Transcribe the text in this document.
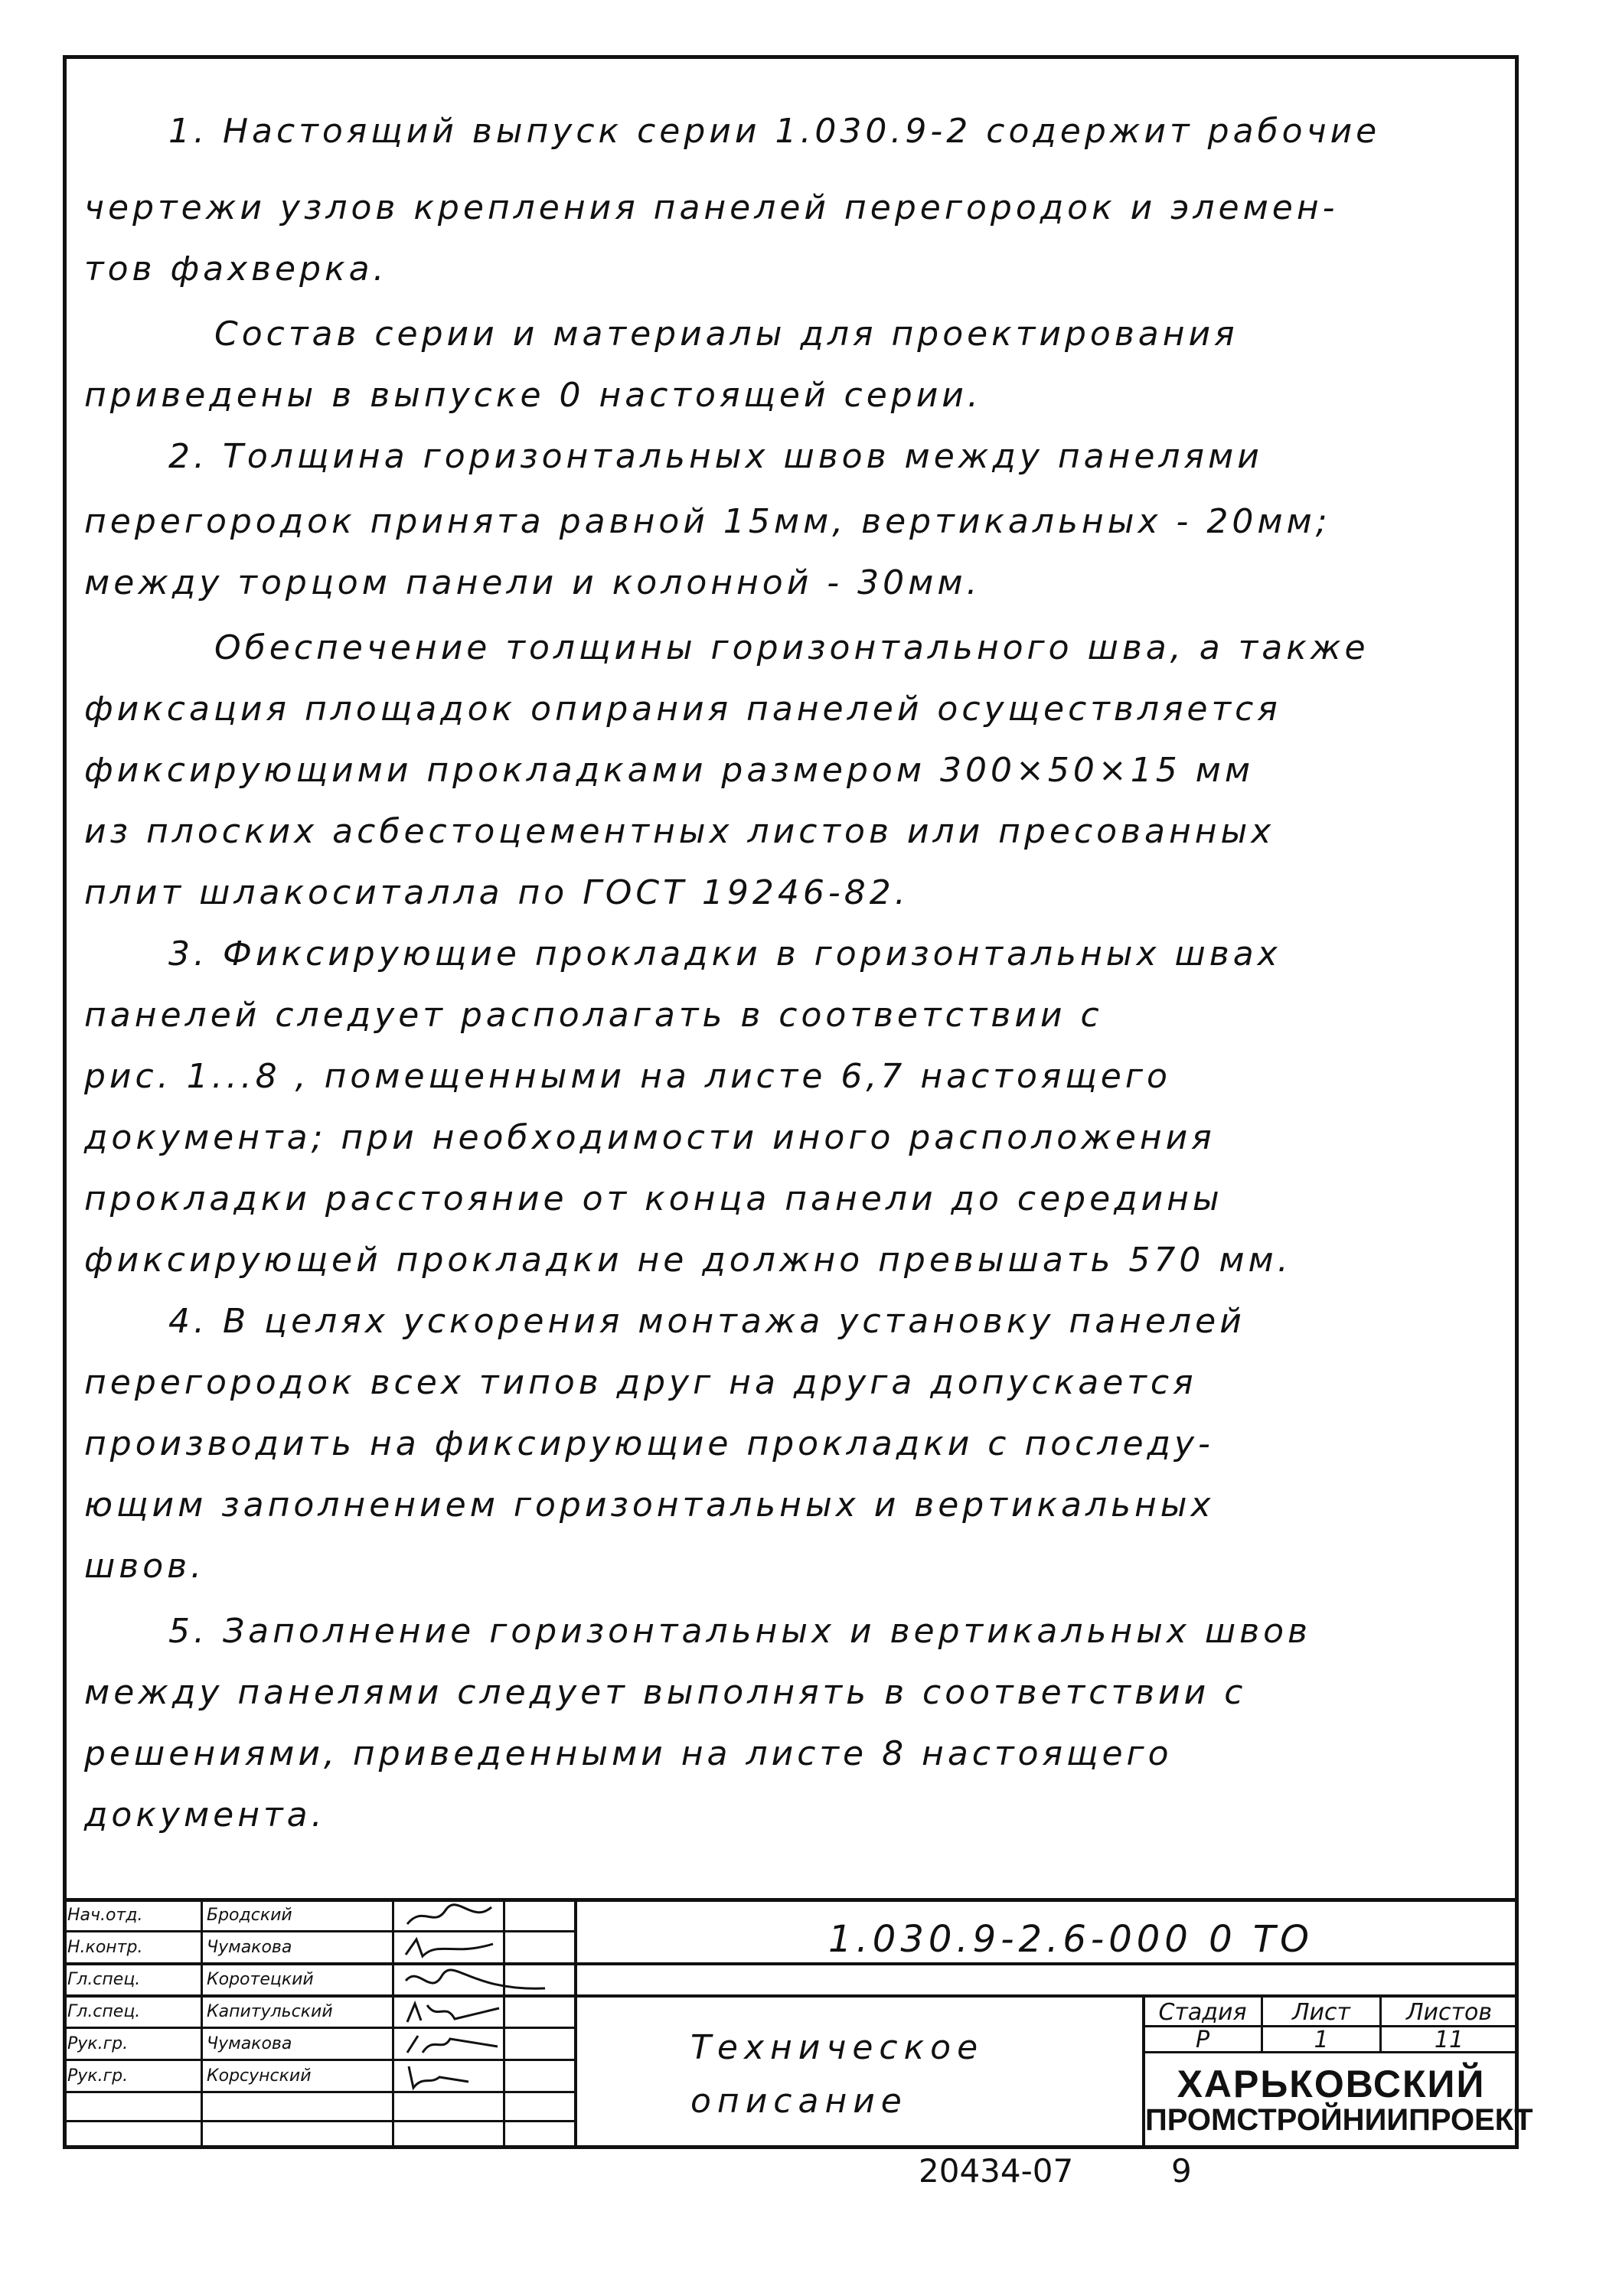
1. Настоящий выпуск серии 1.030.9-2 содержит рабочие
чертежи узлов крепления панелей перегородок и элемен-
тов фахверка.
Состав серии и материалы для проектирования
приведены в выпуске 0 настоящей серии.
2. Толщина горизонтальных швов между панелями
перегородок принята равной 15мм, вертикальных - 20мм;
между торцом панели и колонной - 30мм.
Обеспечение толщины горизонтального шва, а также
фиксация площадок опирания панелей осуществляется
фиксирующими прокладками размером 300×50×15 мм
из плоских асбестоцементных листов или пресованных
плит шлакоситалла по ГОСТ 19246-82.
3. Фиксирующие прокладки в горизонтальных швах
панелей следует располагать в соответствии с
рис. 1...8 , помещенными на листе 6,7 настоящего
документа; при необходимости иного расположения
прокладки расстояние от конца панели до середины
фиксирующей прокладки не должно превышать 570 мм.
4. В целях ускорения монтажа установку панелей
перегородок всех типов друг на друга допускается
производить на фиксирующие прокладки с последу-
ющим заполнением горизонтальных и вертикальных
швов.
5. Заполнение горизонтальных и вертикальных швов
между панелями следует выполнять в соответствии с
решениями, приведенными на листе 8 настоящего
документа.
Нач.отд.	Бродский
Н.контр.	Чумакова
Гл.спец.	Коротецкий
Гл.спец.	Капитульский
Рук.гр.	Чумакова
Рук.гр.	Корсунский
1.030.9-2.6-000 0 ТО
Техническое
описание
Стадия	Лист	Листов
Р	1	11
ХАРЬКОВСКИЙ
ПРОМСТРОЙНИИПРОЕКТ
20434-07	9
